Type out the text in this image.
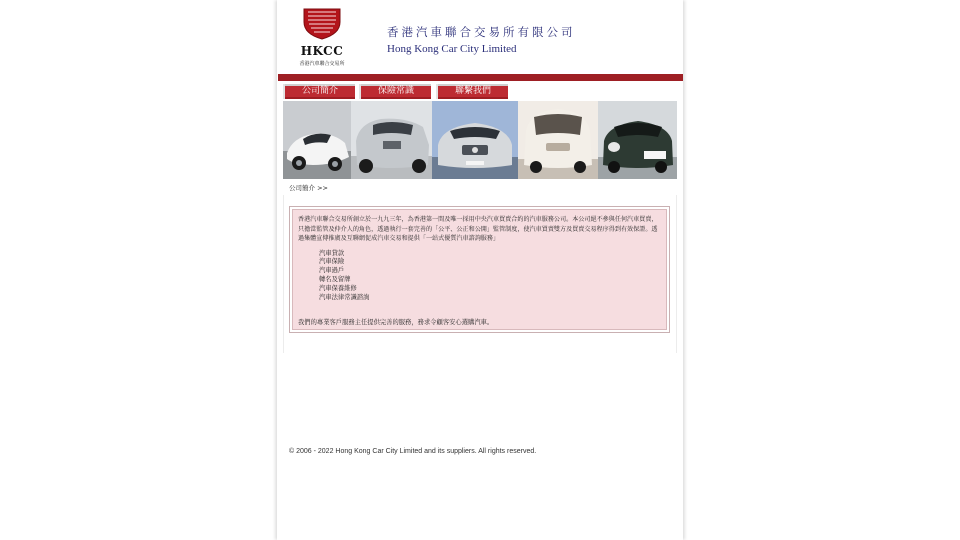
HKCC
香港汽車聯合交易所
香港汽車聯合交易所有限公司
Hong Kong Car City Limited
公司簡介	保險常識	聯繫我們
公司簡介 >>

香港汽車聯合交易所創立於一九九三年，為香港第一間及唯一採用中央汽車買賣合約的汽車服務公司。本公司絕不參與任何汽車買賣，只擔當監管及仲介人的角色，透過執行一套完善的「公平、公正和公開」監管制度，使汽車買賣雙方及買賣交易程序得到有效保證。透過集體宣傳推廣及互聯網促成汽車交易和提供「一站式優質汽車諮詢服務」

汽車貸款
汽車保險
汽車過戶
轉名及留牌
汽車保養維修
汽車法律常識諮詢

我們的專業客戶服務主任提供完善的服務，務求令顧客安心選購汽車。

© 2006 - 2022 Hong Kong Car City Limited and its suppliers. All rights reserved.
